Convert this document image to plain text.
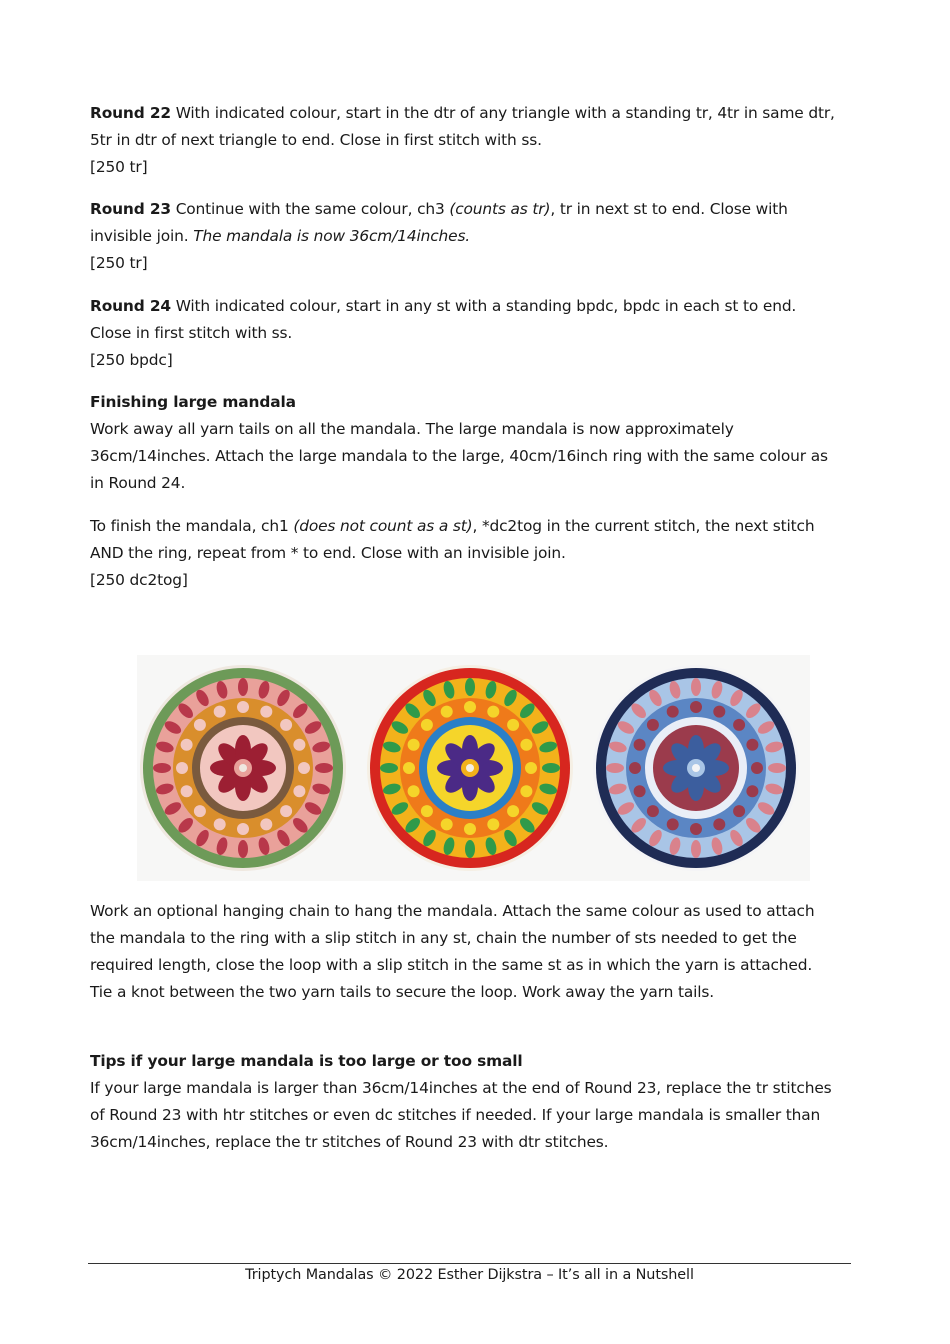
Round 22 With indicated colour, start in the dtr of any triangle with a standing tr, 4tr in same dtr,
5tr in dtr of next triangle to end. Close in first stitch with ss.
[250 tr]
Round 23 Continue with the same colour, ch3 (counts as tr), tr in next st to end. Close with
invisible join. The mandala is now 36cm/14inches.
[250 tr]
Round 24 With indicated colour, start in any st with a standing bpdc, bpdc in each st to end.
Close in first stitch with ss.
[250 bpdc]
Finishing large mandala
Work away all yarn tails on all the mandala. The large mandala is now approximately
36cm/14inches. Attach the large mandala to the large, 40cm/16inch ring with the same colour as
in Round 24.
To finish the mandala, ch1 (does not count as a st), *dc2tog in the current stitch, the next stitch
AND the ring, repeat from * to end. Close with an invisible join.
[250 dc2tog]
Work an optional hanging chain to hang the mandala. Attach the same colour as used to attach
the mandala to the ring with a slip stitch in any st, chain the number of sts needed to get the
required length, close the loop with a slip stitch in the same st as in which the yarn is attached.
Tie a knot between the two yarn tails to secure the loop. Work away the yarn tails.
Tips if your large mandala is too large or too small
If your large mandala is larger than 36cm/14inches at the end of Round 23, replace the tr stitches
of Round 23 with htr stitches or even dc stitches if needed. If your large mandala is smaller than
36cm/14inches, replace the tr stitches of Round 23 with dtr stitches.
Triptych Mandalas © 2022 Esther Dijkstra – It’s all in a Nutshell
